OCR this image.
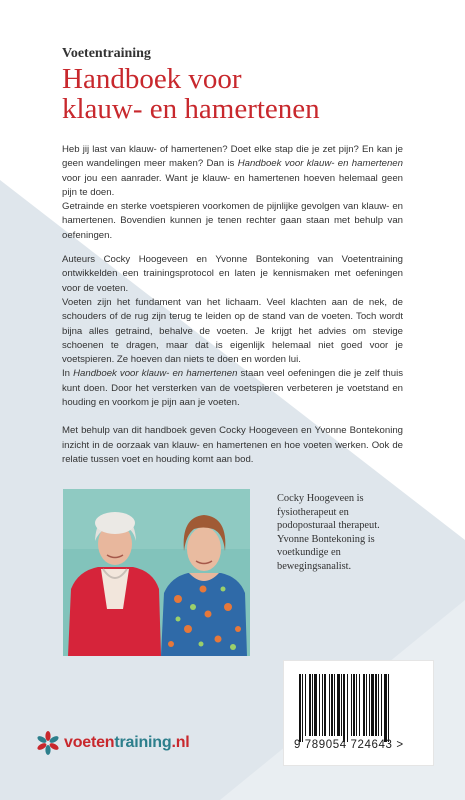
Voetentraining
Handboek voor
klauw- en hamertenen

Heb jij last van klauw- of hamertenen? Doet elke stap die je zet pijn? En kan je geen wandelingen meer maken? Dan is Handboek voor klauw- en hamertenen voor jou een aanrader. Want je klauw- en hamertenen hoeven helemaal geen pijn te doen.

Getrainde en sterke voetspieren voorkomen de pijnlijke gevolgen van klauw- en hamertenen. Bovendien kunnen je tenen rechter gaan staan met behulp van oefeningen.

Auteurs Cocky Hoogeveen en Yvonne Bontekoning van Voetentraining ontwikkelden een trainingsprotocol en laten je kennismaken met oefeningen voor de voeten.

Voeten zijn het fundament van het lichaam. Veel klachten aan de nek, de schouders of de rug zijn terug te leiden op de stand van de voeten. Toch wordt bijna alles getraind, behalve de voeten. Je krijgt het advies om stevige schoenen te dragen, maar dat is eigenlijk helemaal niet goed voor je voetspieren. Ze hoeven dan niets te doen en worden lui.

In Handboek voor klauw- en hamertenen staan veel oefeningen die je zelf thuis kunt doen. Door het versterken van de voetspieren verbeteren je voetstand en houding en voorkom je pijn aan je voeten.

Met behulp van dit handboek geven Cocky Hoogeveen en Yvonne Bontekoning inzicht in de oorzaak van klauw- en hamertenen en hoe voeten werken. Ook de relatie tussen voet en houding komt aan bod.

Cocky Hoogeveen is fysiotherapeut en podoposturaal therapeut. Yvonne Bontekoning is voetkundige en bewegingsanalist.
9 789054 724643 >
voetentraining.nl
